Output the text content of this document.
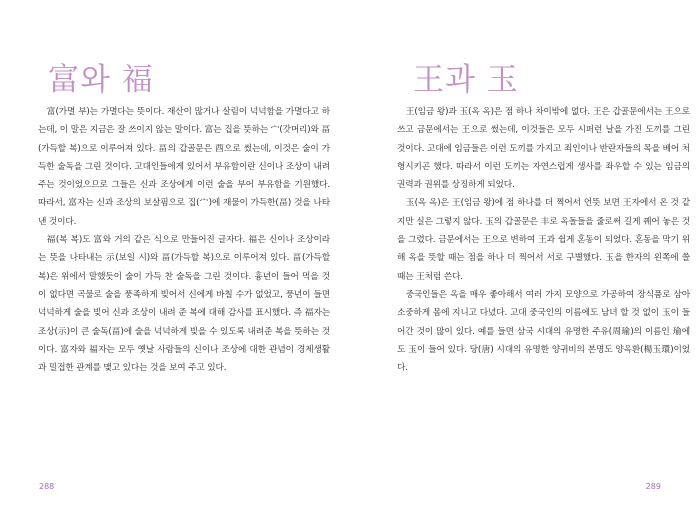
富와 福

富(가멸 부)는 가멸다는 뜻이다. 재산이 많거나 살림이 넉넉함을 가멸다고 하는데, 이 말은 지금은 잘 쓰이지 않는 말이다. 富는 집을 뜻하는 宀(갓머리)와 畐(가득할 복)으로 이루어져 있다. 畐의 갑골문은 酉으로 썼는데, 이것은 술이 가득한 술독을 그린 것이다. 고대인들에게 있어서 부유함이란 신이나 조상이 내려 주는 것이었으므로 그들은 신과 조상에게 이런 술을 부어 부유함을 기원했다. 따라서, 富자는 신과 조상의 보살핌으로 집(宀)에 재물이 가득한(畐) 것을 나타낸 것이다.

福(복 복)도 富와 거의 같은 식으로 만들어진 글자다. 福은 신이나 조상이라는 뜻을 나타내는 示(보일 시)와 畐(가득할 복)으로 이루어져 있다. 畐(가득할 복)은 위에서 말했듯이 술이 가득 찬 술독을 그린 것이다. 흉년이 들어 먹을 것이 없다면 곡물로 술을 풍족하게 빚어서 신에게 바칠 수가 없었고, 풍년이 들면 넉넉하게 술을 빚어 신과 조상이 내려 준 복에 대해 감사를 표시했다. 즉 福자는 조상(示)이 큰 술독(畐)에 술을 넉넉하게 빚을 수 있도록 내려준 복을 뜻하는 것이다. 富자와 福자는 모두 옛날 사람들의 신이나 조상에 대한 관념이 경제생활과 밀접한 관계를 맺고 있다는 것을 보여 주고 있다.

288
王과 玉

王(임금 왕)과 玉(옥 옥)은 점 하나 차이밖에 없다. 王은 갑골문에서는 王으로 쓰고 금문에서는 王으로 썼는데, 이것들은 모두 시퍼런 날을 가진 도끼를 그린 것이다. 고대에 임금들은 이런 도끼를 가지고 죄인이나 반란자들의 목을 베어 처형시키곤 했다. 따라서 이런 도끼는 자연스럽게 생사를 좌우할 수 있는 임금의 권력과 권위를 상징하게 되었다.

玉(옥 옥)은 王(임금 왕)에 점 하나를 더 찍어서 언뜻 보면 王자에서 온 것 같지만 실은 그렇지 않다. 玉의 갑골문은 丰로 옥돌들을 줄로써 길게 꿰어 놓은 것을 그렸다. 금문에서는 王으로 변하여 王과 쉽게 혼동이 되었다. 혼동을 막기 위해 옥을 뜻할 때는 점을 하나 더 찍어서 서로 구별했다. 玉을 한자의 왼쪽에 쓸 때는 王처럼 쓴다.

중국인들은 옥을 매우 좋아해서 여러 가지 모양으로 가공하여 장식품로 삼아 소중하게 몸에 지니고 다녔다. 고대 중국인의 이름에도 남녀 할 것 없이 玉이 들어간 것이 많이 있다. 예를 들면 삼국 시대의 유명한 주유(周瑜)의 이름인 瑜에도 玉이 들어 있다. 당(唐) 시대의 유명한 양귀비의 본명도 양옥환(楊玉環)이었다.

289
